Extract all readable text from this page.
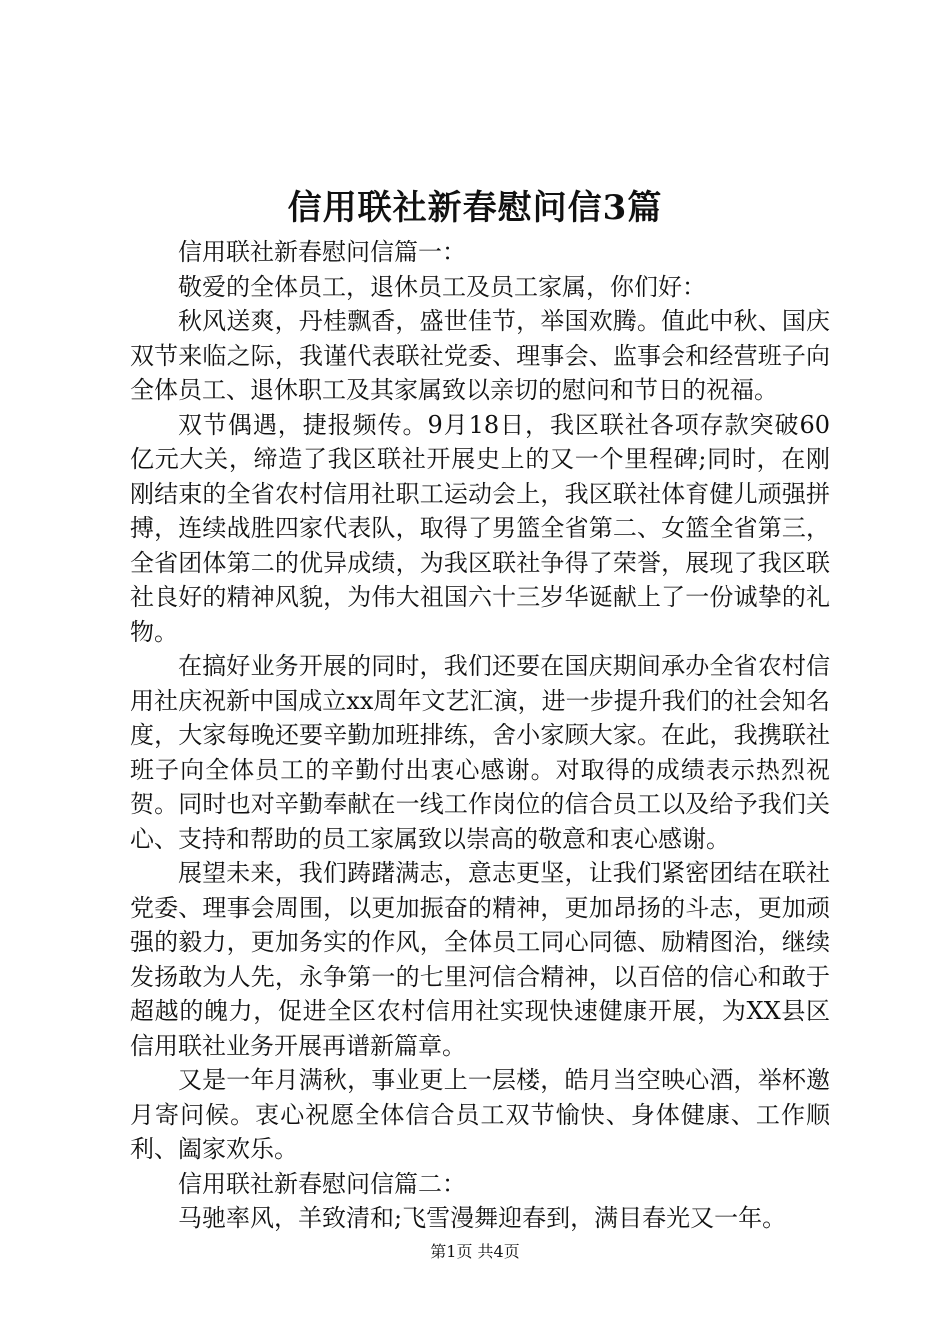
信用联社新春慰问信3篇

信用联社新春慰问信篇一：

敬爱的全体员工，退休员工及员工家属，你们好：

秋风送爽，丹桂飘香，盛世佳节，举国欢腾。值此中秋、国庆双节来临之际，我谨代表联社党委、理事会、监事会和经营班子向全体员工、退休职工及其家属致以亲切的慰问和节日的祝福。

双节偶遇，捷报频传。9月18日，我区联社各项存款突破60亿元大关，缔造了我区联社开展史上的又一个里程碑;同时，在刚刚结束的全省农村信用社职工运动会上，我区联社体育健儿顽强拼搏，连续战胜四家代表队，取得了男篮全省第二、女篮全省第三，全省团体第二的优异成绩，为我区联社争得了荣誉，展现了我区联社良好的精神风貌，为伟大祖国六十三岁华诞献上了一份诚挚的礼物。

在搞好业务开展的同时，我们还要在国庆期间承办全省农村信用社庆祝新中国成立xx周年文艺汇演，进一步提升我们的社会知名度，大家每晚还要辛勤加班排练，舍小家顾大家。在此，我携联社班子向全体员工的辛勤付出衷心感谢。对取得的成绩表示热烈祝贺。同时也对辛勤奉献在一线工作岗位的信合员工以及给予我们关心、支持和帮助的员工家属致以崇高的敬意和衷心感谢。

展望未来，我们踌躇满志，意志更坚，让我们紧密团结在联社党委、理事会周围，以更加振奋的精神，更加昂扬的斗志，更加顽强的毅力，更加务实的作风，全体员工同心同德、励精图治，继续发扬敢为人先，永争第一的七里河信合精神，以百倍的信心和敢于超越的魄力，促进全区农村信用社实现快速健康开展，为XX县区信用联社业务开展再谱新篇章。

又是一年月满秋，事业更上一层楼，皓月当空映心酒，举杯邀月寄问候。衷心祝愿全体信合员工双节愉快、身体健康、工作顺利、阖家欢乐。

信用联社新春慰问信篇二：

马驰率风，羊致清和;飞雪漫舞迎春到，满目春光又一年。

第1页 共4页
